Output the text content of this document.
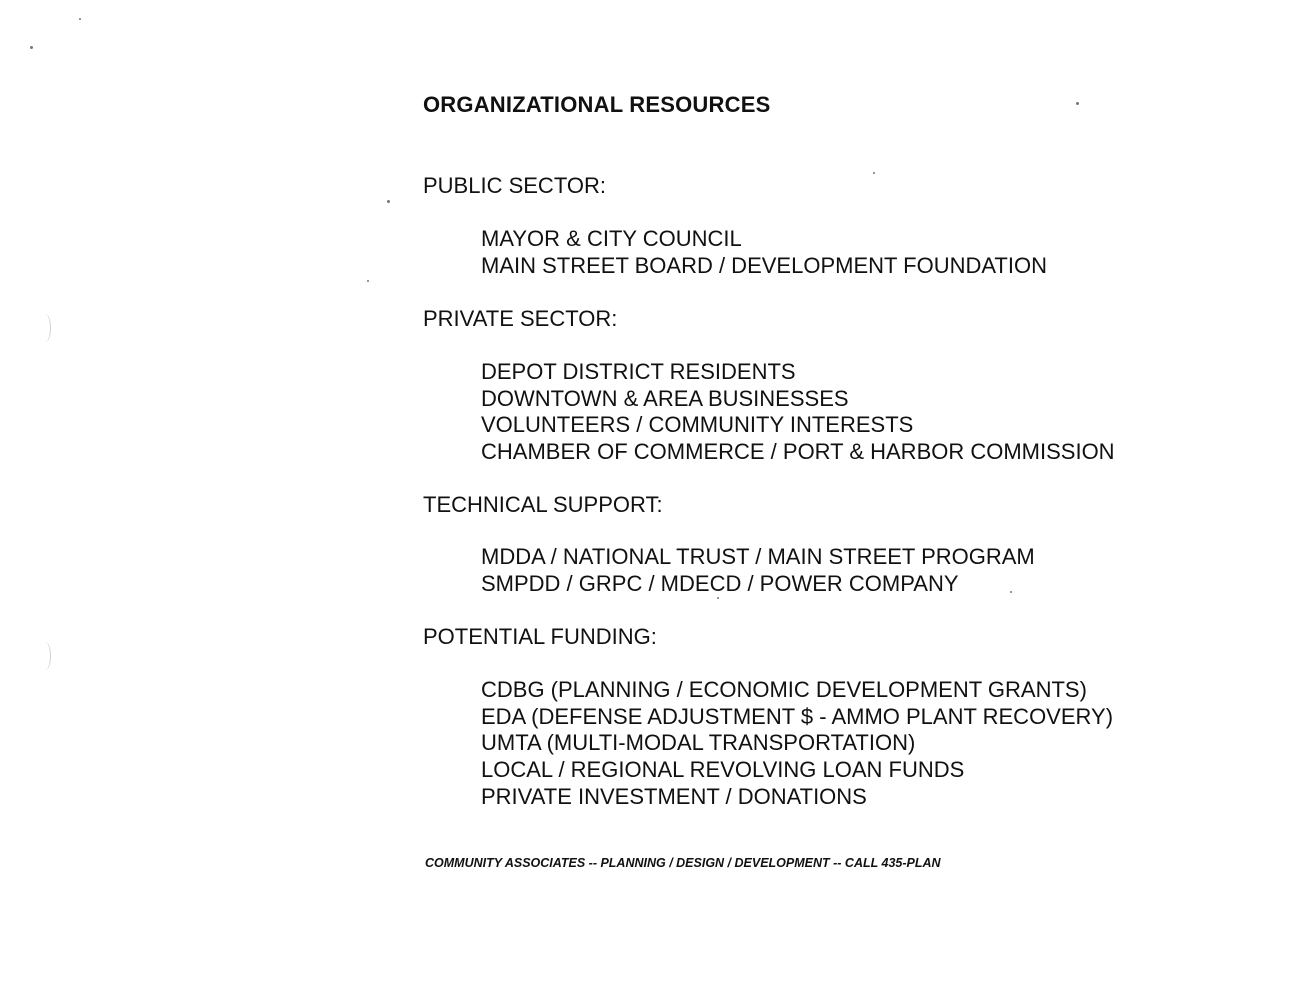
ORGANIZATIONAL RESOURCES
PUBLIC SECTOR:
MAYOR & CITY COUNCIL
MAIN STREET BOARD / DEVELOPMENT FOUNDATION
PRIVATE SECTOR:
DEPOT DISTRICT RESIDENTS
DOWNTOWN & AREA BUSINESSES
VOLUNTEERS / COMMUNITY INTERESTS
CHAMBER OF COMMERCE / PORT & HARBOR COMMISSION
TECHNICAL SUPPORT:
MDDA / NATIONAL TRUST / MAIN STREET PROGRAM
SMPDD / GRPC / MDECD / POWER COMPANY
POTENTIAL FUNDING:
CDBG (PLANNING / ECONOMIC DEVELOPMENT GRANTS)
EDA (DEFENSE ADJUSTMENT $ - AMMO PLANT RECOVERY)
UMTA (MULTI-MODAL TRANSPORTATION)
LOCAL / REGIONAL REVOLVING LOAN FUNDS
PRIVATE INVESTMENT / DONATIONS
COMMUNITY ASSOCIATES -- PLANNING / DESIGN / DEVELOPMENT -- CALL 435-PLAN
